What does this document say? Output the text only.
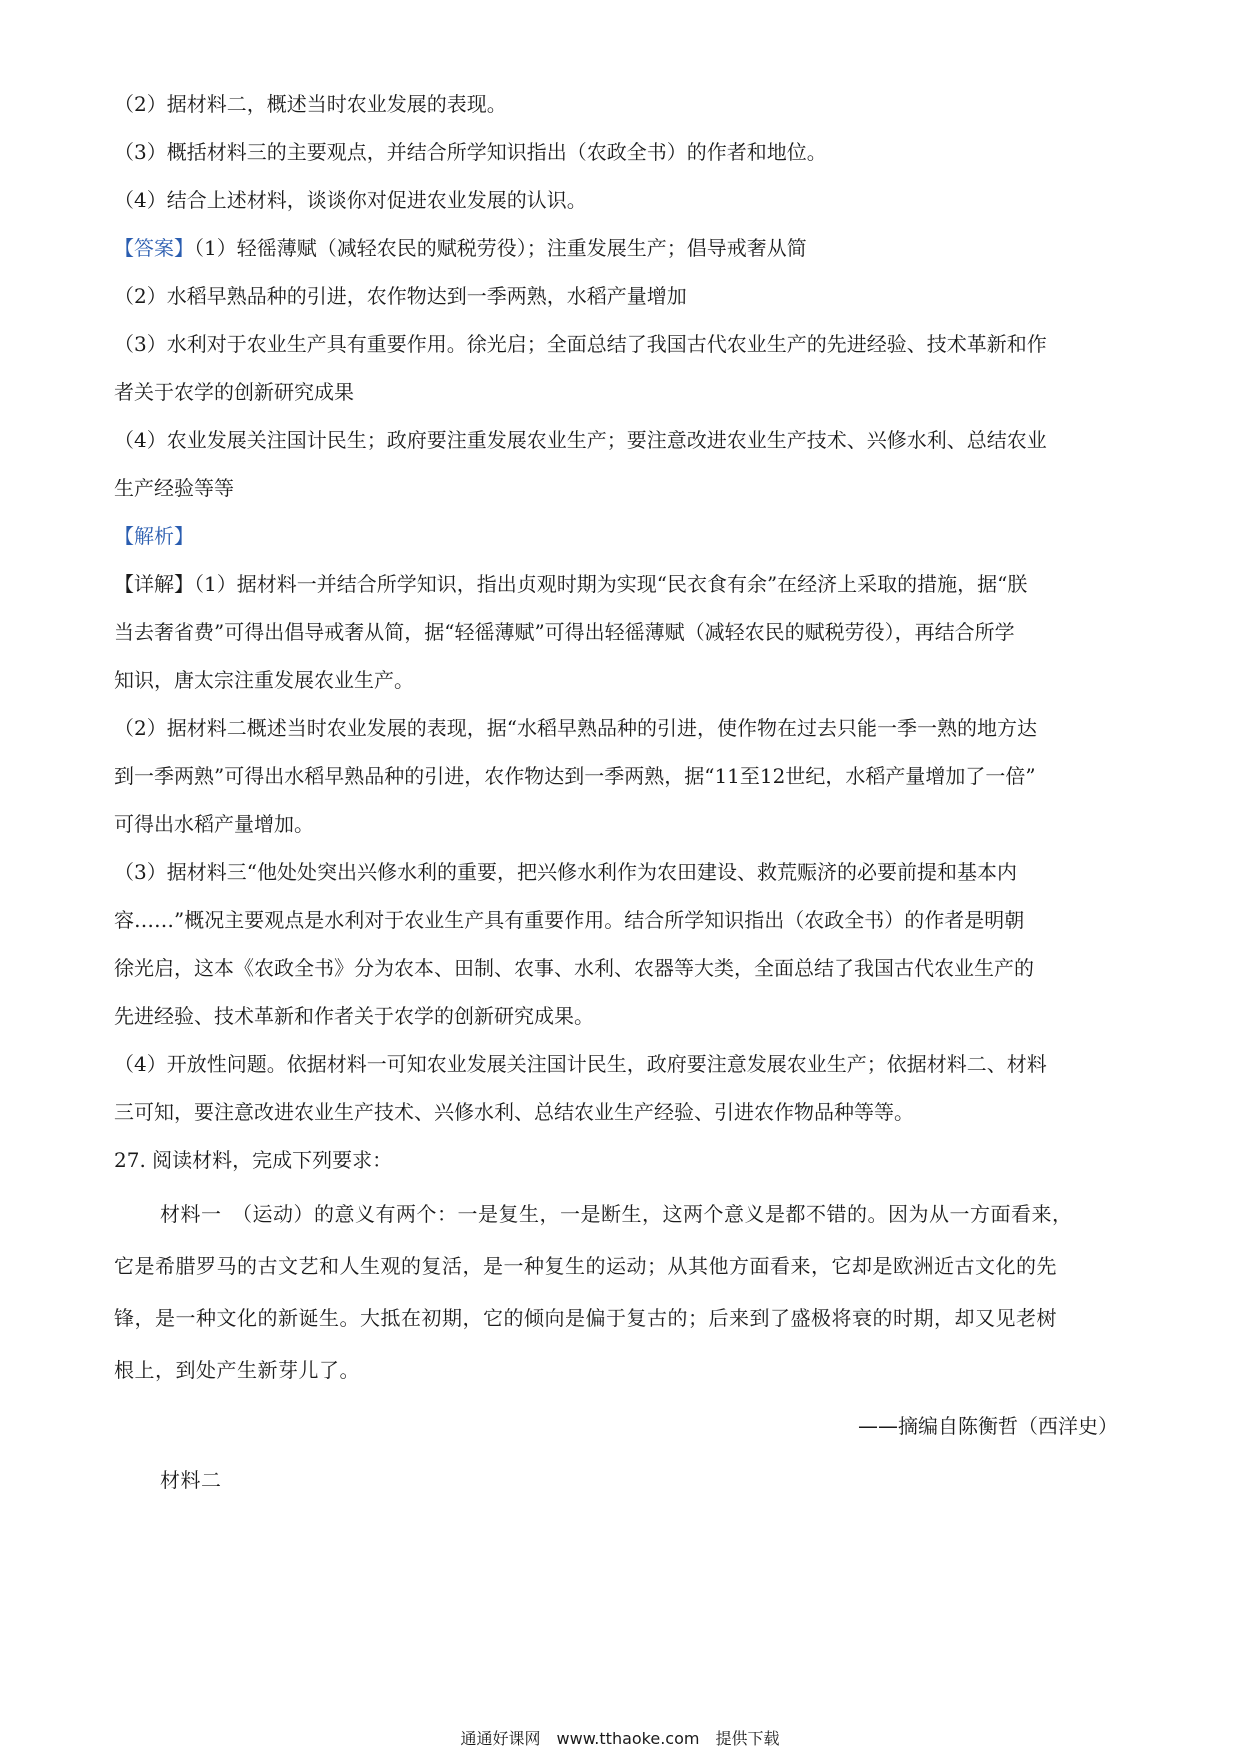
（2）据材料二，概述当时农业发展的表现。
（3）概括材料三的主要观点，并结合所学知识指出（农政全书）的作者和地位。
（4）结合上述材料，谈谈你对促进农业发展的认识。
【答案】（1）轻徭薄赋（减轻农民的赋税劳役）；注重发展生产；倡导戒奢从简
（2）水稻早熟品种的引进，农作物达到一季两熟，水稻产量增加
（3）水利对于农业生产具有重要作用。徐光启；全面总结了我国古代农业生产的先进经验、技术革新和作
者关于农学的创新研究成果
（4）农业发展关注国计民生；政府要注重发展农业生产；要注意改进农业生产技术、兴修水利、总结农业
生产经验等等
【解析】
【详解】（1）据材料一并结合所学知识，指出贞观时期为实现“民衣食有余”在经济上采取的措施，据“朕
当去奢省费”可得出倡导戒奢从简，据“轻徭薄赋”可得出轻徭薄赋（减轻农民的赋税劳役），再结合所学
知识，唐太宗注重发展农业生产。
（2）据材料二概述当时农业发展的表现，据“水稻早熟品种的引进，使作物在过去只能一季一熟的地方达
到一季两熟”可得出水稻早熟品种的引进，农作物达到一季两熟，据“11至12世纪，水稻产量增加了一倍”
可得出水稻产量增加。
（3）据材料三“他处处突出兴修水利的重要，把兴修水利作为农田建设、救荒赈济的必要前提和基本内
容……”概况主要观点是水利对于农业生产具有重要作用。结合所学知识指出（农政全书）的作者是明朝
徐光启，这本《农政全书》分为农本、田制、农事、水利、农器等大类，全面总结了我国古代农业生产的
先进经验、技术革新和作者关于农学的创新研究成果。
（4）开放性问题。依据材料一可知农业发展关注国计民生，政府要注意发展农业生产；依据材料二、材料
三可知，要注意改进农业生产技术、兴修水利、总结农业生产经验、引进农作物品种等等。
27. 阅读材料，完成下列要求：
材料一　（运动）的意义有两个：一是复生，一是断生，这两个意义是都不错的。因为从一方面看来，
它是希腊罗马的古文艺和人生观的复活，是一种复生的运动；从其他方面看来，它却是欧洲近古文化的先
锋，是一种文化的新诞生。大抵在初期，它的倾向是偏于复古的；后来到了盛极将衰的时期，却又见老树
根上，到处产生新芽儿了。
——摘编自陈衡哲（西洋史）
材料二
通通好课网　www.tthaoke.com　提供下载
